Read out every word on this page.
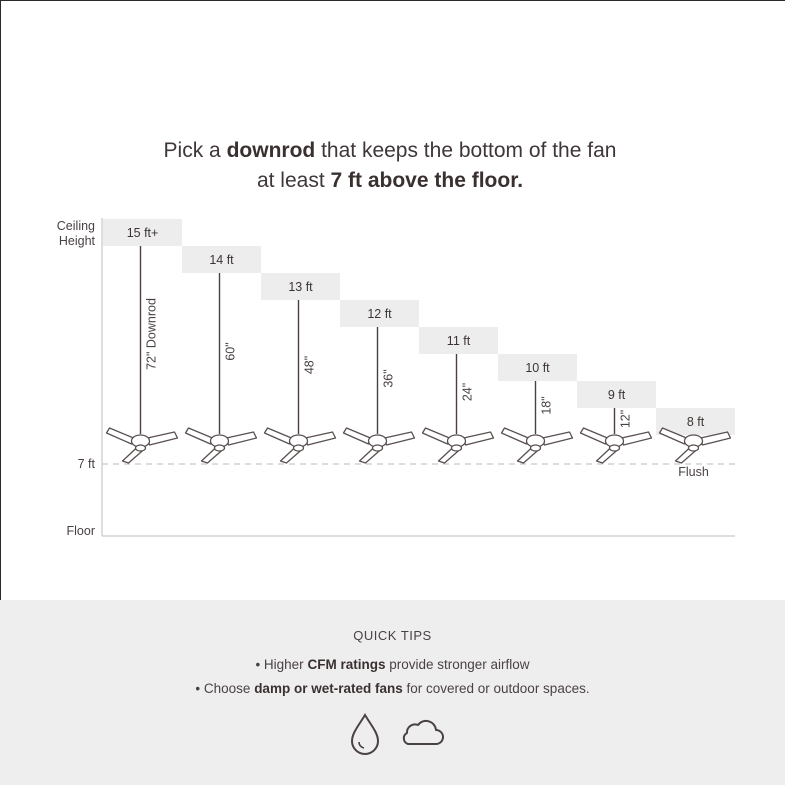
Pick a downrod that keeps the bottom of the fan
at least 7 ft above the floor.
Ceiling
Height
7 ft
Floor
15 ft+
72" Downrod
14 ft
60"
13 ft
48"
12 ft
36"
11 ft
24"
10 ft
18"
9 ft
12"	8 ft
Flush
QUICK TIPS
• Higher CFM ratings provide stronger airflow
• Choose damp or wet-rated fans for covered or outdoor spaces.
